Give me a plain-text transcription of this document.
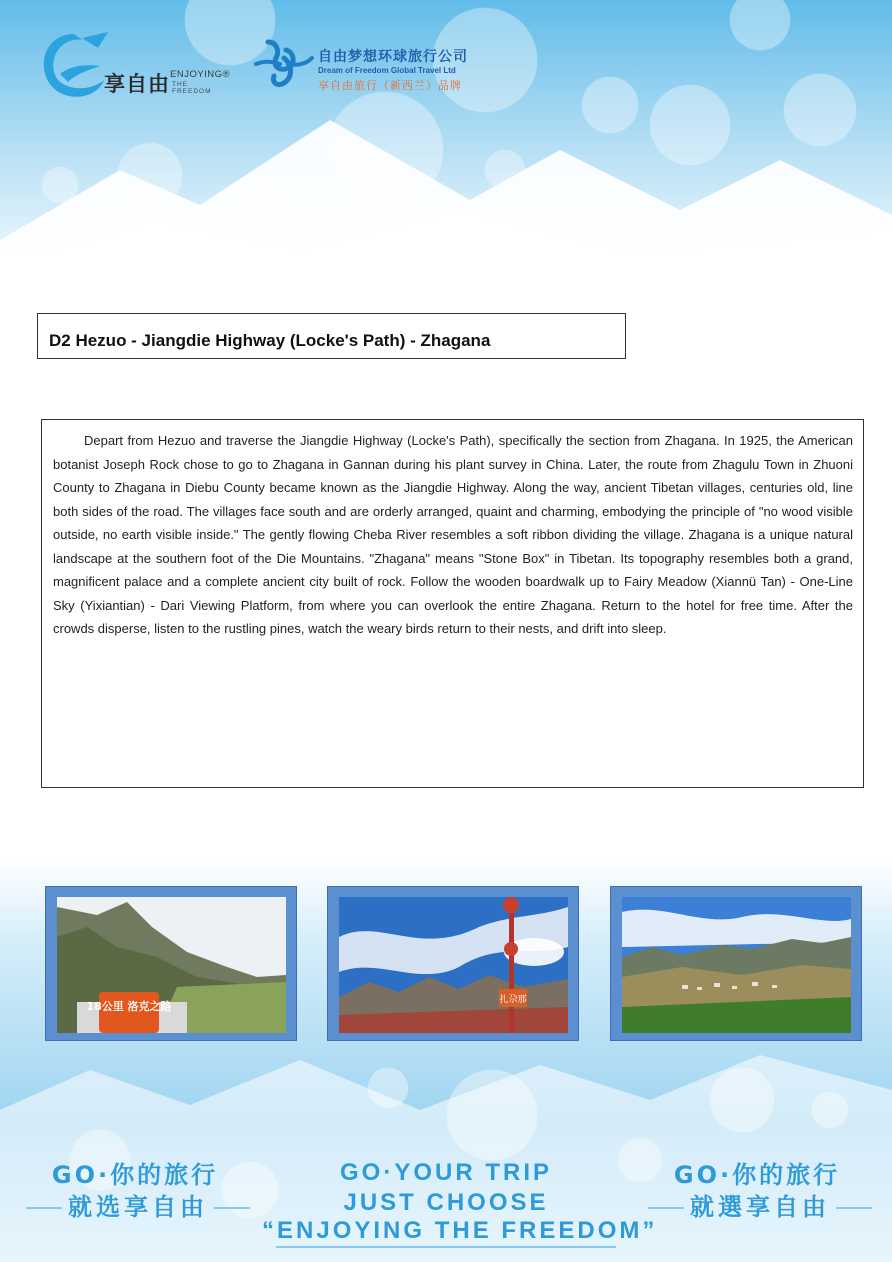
享自由 ENJOYING®
THE FREEDOM
自由梦想环球旅行公司
Dream of Freedom Global Travel Ltd
享自由旅行（新西兰）品牌
D2 Hezuo - Jiangdie Highway (Locke's Path) - Zhagana

Depart from Hezuo and traverse the Jiangdie Highway (Locke's Path), specifically the section from Zhagana. In 1925, the American botanist Joseph Rock chose to go to Zhagana in Gannan during his plant survey in China. Later, the route from Zhagulu Town in Zhuoni County to Zhagana in Diebu County became known as the Jiangdie Highway. Along the way, ancient Tibetan villages, centuries old, line both sides of the road. The villages face south and are orderly arranged, quaint and charming, embodying the principle of "no wood visible outside, no earth visible inside." The gently flowing Cheba River resembles a soft ribbon dividing the village. Zhagana is a unique natural landscape at the southern foot of the Die Mountains. "Zhagana" means "Stone Box" in Tibetan. Its topography resembles both a grand, magnificent palace and a complete ancient city built of rock. Follow the wooden boardwalk up to Fairy Meadow (Xiannü Tan) - One-Line Sky (Yixiantian) - Dari Viewing Platform, from where you can overlook the entire Zhagana. Return to the hotel for free time. After the crowds disperse, listen to the rustling pines, watch the weary birds return to their nests, and drift into sleep.

18公里 洛克之路	扎尕那
GO·你的旅行
就选享自由
GO·YOUR TRIP
JUST CHOOSE
“ENJOYING THE FREEDOM”
GO·你的旅行
就選享自由
